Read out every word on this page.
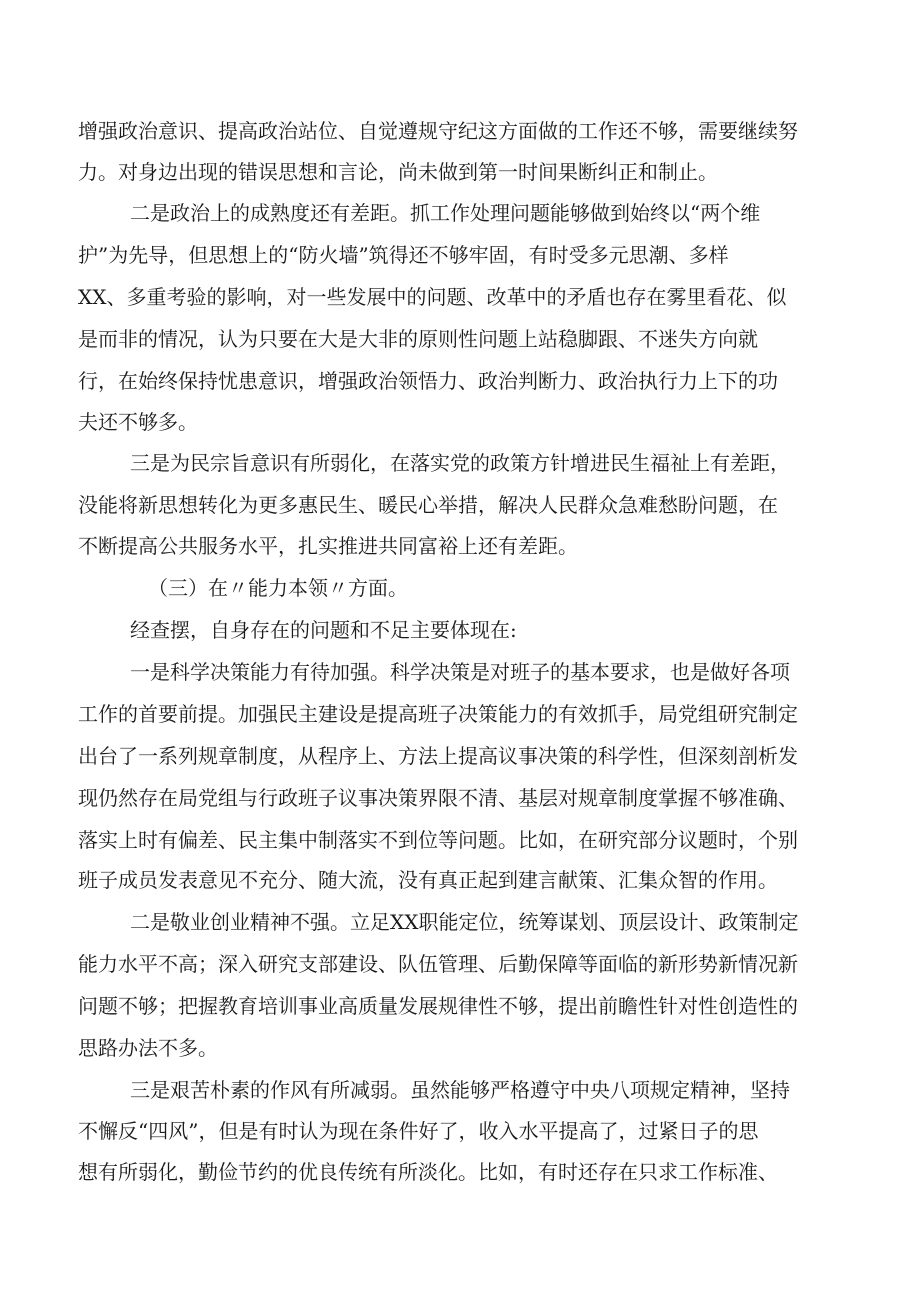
增强政治意识、提高政治站位、自觉遵规守纪这方面做的工作还不够，需要继续努
力。对身边出现的错误思想和言论，尚未做到第一时间果断纠正和制止。
二是政治上的成熟度还有差距。抓工作处理问题能够做到始终以“两个维
护”为先导，但思想上的“防火墙”筑得还不够牢固，有时受多元思潮、多样
XX、多重考验的影响，对一些发展中的问题、改革中的矛盾也存在雾里看花、似
是而非的情况，认为只要在大是大非的原则性问题上站稳脚跟、不迷失方向就
行，在始终保持忧患意识，增强政治领悟力、政治判断力、政治执行力上下的功
夫还不够多。
三是为民宗旨意识有所弱化，在落实党的政策方针增进民生福祉上有差距，
没能将新思想转化为更多惠民生、暖民心举措，解决人民群众急难愁盼问题，在
不断提高公共服务水平，扎实推进共同富裕上还有差距。
（三）在〃能力本领〃方面。
经查摆，自身存在的问题和不足主要体现在:
一是科学决策能力有待加强。科学决策是对班子的基本要求，也是做好各项
工作的首要前提。加强民主建设是提高班子决策能力的有效抓手，局党组研究制定
出台了一系列规章制度，从程序上、方法上提高议事决策的科学性，但深刻剖析发
现仍然存在局党组与行政班子议事决策界限不清、基层对规章制度掌握不够准确、
落实上时有偏差、民主集中制落实不到位等问题。比如，在研究部分议题时，个别
班子成员发表意见不充分、随大流，没有真正起到建言献策、汇集众智的作用。
二是敬业创业精神不强。立足XX职能定位，统筹谋划、顶层设计、政策制定
能力水平不高；深入研究支部建设、队伍管理、后勤保障等面临的新形势新情况新
问题不够；把握教育培训事业高质量发展规律性不够，提出前瞻性针对性创造性的
思路办法不多。
三是艰苦朴素的作风有所减弱。虽然能够严格遵守中央八项规定精神，坚持
不懈反“四风”，但是有时认为现在条件好了，收入水平提高了，过紧日子的思
想有所弱化，勤俭节约的优良传统有所淡化。比如，有时还存在只求工作标准、
